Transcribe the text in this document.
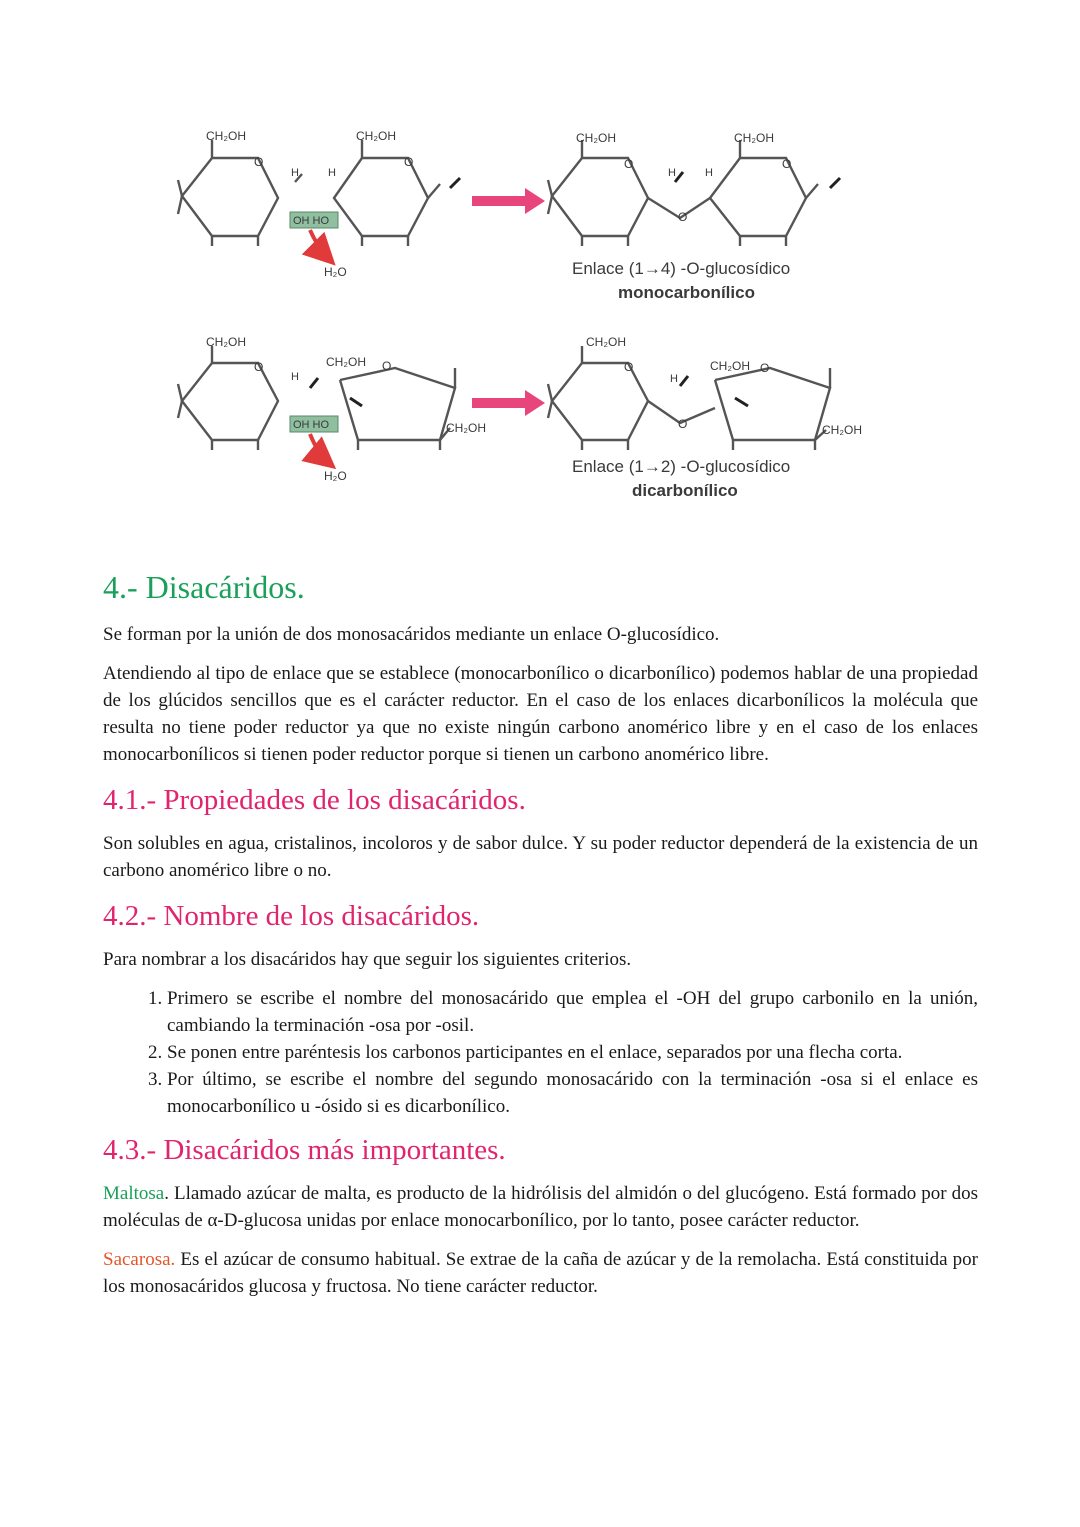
CH₂OH	CH₂OH	CH₂OH	CH₂OH
O	O	O	O
O
H	H	H	H
OH HO
H₂O	Enlace (1→4) -O-glucosídico
monocarbonílico
CH₂OH
CH₂OH
CH₂OH
CH₂OH
CH₂OH
CH₂OH
O	O	O	O
O
H	H
OH HO
H₂O	Enlace (1→2) -O-glucosídico
dicarbonílico
4.- Disacáridos.

Se forman por la unión de dos monosacáridos mediante un enlace O-glucosídico.

Atendiendo al tipo de enlace que se establece (monocarbonílico o dicarbonílico) podemos hablar de una propiedad de los glúcidos sencillos que es el carácter reductor. En el caso de los enlaces dicarbonílicos la molécula que resulta no tiene poder reductor ya que no existe ningún carbono anomérico libre y en el caso de los enlaces monocarbonílicos si tienen poder reductor porque si tienen un carbono anomérico libre.

4.1.- Propiedades de los disacáridos.

Son solubles en agua, cristalinos, incoloros y de sabor dulce. Y su poder reductor dependerá de la existencia de un carbono anomérico libre o no.

4.2.- Nombre de los disacáridos.

Para nombrar a los disacáridos hay que seguir los siguientes criterios.

1. Primero se escribe el nombre del monosacárido que emplea el -OH del grupo carbonilo en la unión, cambiando la terminación -osa por -osil.
2. Se ponen entre paréntesis los carbonos participantes en el enlace, separados por una flecha corta.
3. Por último, se escribe el nombre del segundo monosacárido con la terminación -osa si el enlace es monocarbonílico u -ósido si es dicarbonílico.
4.3.- Disacáridos más importantes.

Maltosa. Llamado azúcar de malta, es producto de la hidrólisis del almidón o del glucógeno. Está formado por dos moléculas de α-D-glucosa unidas por enlace monocarbonílico, por lo tanto, posee carácter reductor.

Sacarosa. Es el azúcar de consumo habitual. Se extrae de la caña de azúcar y de la remolacha. Está constituida por los monosacáridos glucosa y fructosa. No tiene carácter reductor.
